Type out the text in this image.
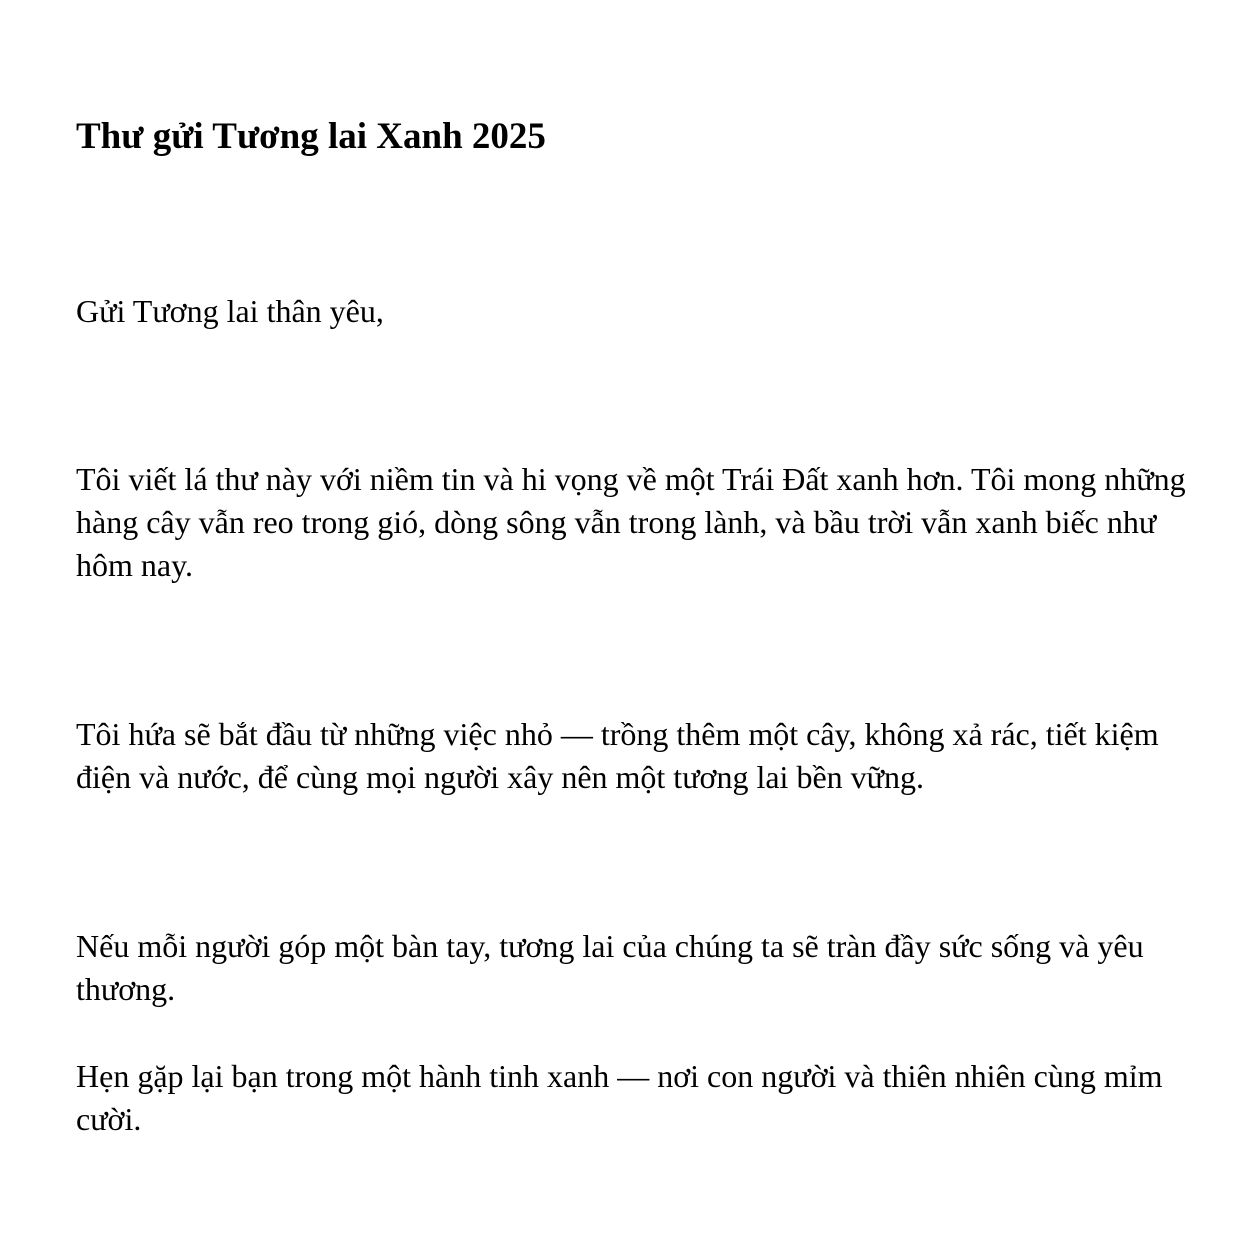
Thư gửi Tương lai Xanh 2025

Gửi Tương lai thân yêu,

Tôi viết lá thư này với niềm tin và hi vọng về một Trái Đất xanh hơn. Tôi mong những hàng cây vẫn reo trong gió, dòng sông vẫn trong lành, và bầu trời vẫn xanh biếc như hôm nay.

Tôi hứa sẽ bắt đầu từ những việc nhỏ — trồng thêm một cây, không xả rác, tiết kiệm điện và nước, để cùng mọi người xây nên một tương lai bền vững.

Nếu mỗi người góp một bàn tay, tương lai của chúng ta sẽ tràn đầy sức sống và yêu thương.

Hẹn gặp lại bạn trong một hành tinh xanh — nơi con người và thiên nhiên cùng mỉm cười.
